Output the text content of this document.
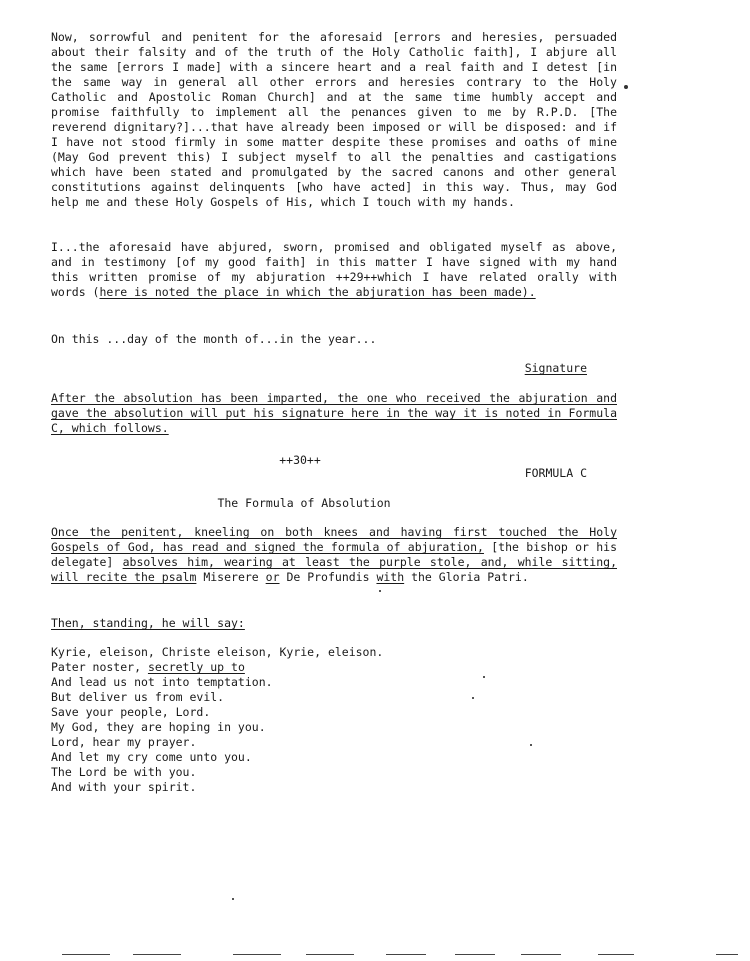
Now, sorrowful and penitent for the aforesaid [errors and heresies, persuaded about their falsity and of the truth of the Holy Catholic faith], I abjure all the same [errors I made] with a sincere heart and a real faith and I detest [in the same way in general all other errors and heresies contrary to the Holy Catholic and Apostolic Roman Church] and at the same time humbly accept and promise faithfully to implement all the penances given to me by R.P.D. [The reverend dignitary?]...that have already been imposed or will be disposed: and if I have not stood firmly in some matter despite these promises and oaths of mine (May God prevent this) I subject myself to all the penalties and castigations which have been stated and promulgated by the sacred canons and other general constitutions against delinquents [who have acted] in this way. Thus, may God help me and these Holy Gospels of His, which I touch with my hands.

I...the aforesaid have abjured, sworn, promised and obligated myself as above, and in testimony [of my good faith] in this matter I have signed with my hand this written promise of my abjuration ++29++which I have related orally with words (here is noted the place in which the abjuration has been made).

On this ...day of the month of...in the year...

Signature

After the absolution has been imparted, the one who received the abjuration and gave the absolution will put his signature here in the way it is noted in Formula C, which follows.

++30++

FORMULA C

The Formula of Absolution

Once the penitent, kneeling on both knees and having first touched the Holy Gospels of God, has read and signed the formula of abjuration, [the bishop or his delegate] absolves him, wearing at least the purple stole, and, while sitting, will recite the psalm Miserere or De Profundis with the Gloria Patri.

Then, standing, he will say:

Kyrie, eleison, Christe eleison, Kyrie, eleison.
Pater noster, secretly up to
And lead us not into temptation.
But deliver us from evil.
Save your people, Lord.
My God, they are hoping in you.
Lord, hear my prayer.
And let my cry come unto you.
The Lord be with you.
And with your spirit.
